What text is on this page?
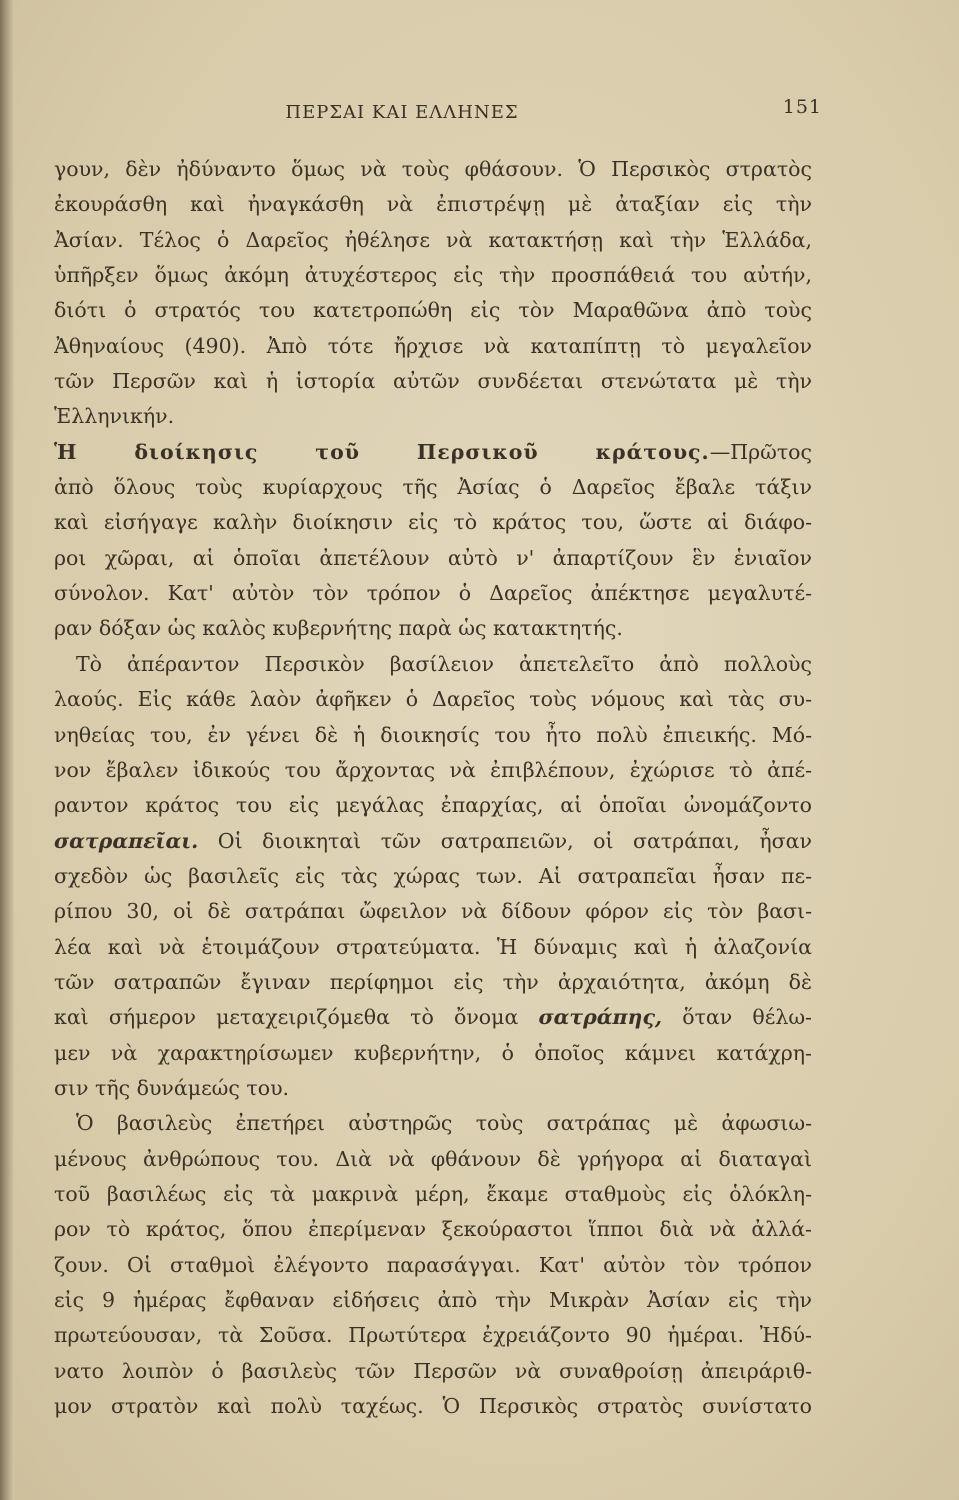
ΠΕΡΣΑΙ ΚΑΙ ΕΛΛΗΝΕΣ	151
γουν, δὲν ἠδύναντο ὅμως νὰ τοὺς φθάσουν. Ὁ Περσικὸς στρατὸς
ἐκουράσθη καὶ ἠναγκάσθη νὰ ἐπιστρέψῃ μὲ ἀταξίαν εἰς τὴν
Ἀσίαν. Τέλος ὁ Δαρεῖος ἠθέλησε νὰ κατακτήσῃ καὶ τὴν Ἑλλάδα,
ὑπῆρξεν ὅμως ἀκόμη ἀτυχέστερος εἰς τὴν προσπάθειά του αὐτήν,
διότι ὁ στρατός του κατετροπώθη εἰς τὸν Μαραθῶνα ἀπὸ τοὺς
Ἀθηναίους (490). Ἀπὸ τότε ἤρχισε νὰ καταπίπτῃ τὸ μεγαλεῖον
τῶν Περσῶν καὶ ἡ ἱστορία αὐτῶν συνδέεται στενώτατα μὲ τὴν
Ἑλληνικήν.
Ἡ διοίκησις τοῦ Περσικοῦ κράτους.—Πρῶτος
ἀπὸ ὅλους τοὺς κυρίαρχους τῆς Ἀσίας ὁ Δαρεῖος ἔβαλε τάξιν
καὶ εἰσήγαγε καλὴν διοίκησιν εἰς τὸ κράτος του, ὥστε αἱ διάφο-
ροι χῶραι, αἱ ὁποῖαι ἀπετέλουν αὐτὸ ν' ἀπαρτίζουν ἓν ἑνιαῖον
σύνολον. Κατ' αὐτὸν τὸν τρόπον ὁ Δαρεῖος ἀπέκτησε μεγαλυτέ-
ραν δόξαν ὡς καλὸς κυβερνήτης παρὰ ὡς κατακτητής.
Τὸ ἀπέραντον Περσικὸν βασίλειον ἀπετελεῖτο ἀπὸ πολλοὺς
λαούς. Εἰς κάθε λαὸν ἀφῆκεν ὁ Δαρεῖος τοὺς νόμους καὶ τὰς συ-
νηθείας του, ἐν γένει δὲ ἡ διοικησίς του ἦτο πολὺ ἐπιεικής. Μό-
νον ἔβαλεν ἰδικούς του ἄρχοντας νὰ ἐπιβλέπουν, ἐχώρισε τὸ ἀπέ-
ραντον κράτος του εἰς μεγάλας ἐπαρχίας, αἱ ὁποῖαι ὠνομάζοντο
σατραπεῖαι. Οἱ διοικηταὶ τῶν σατραπειῶν, οἱ σατράπαι, ἦσαν
σχεδὸν ὡς βασιλεῖς εἰς τὰς χώρας των. Αἱ σατραπεῖαι ἦσαν πε-
ρίπου 30, οἱ δὲ σατράπαι ὤφειλον νὰ δίδουν φόρον εἰς τὸν βασι-
λέα καὶ νὰ ἑτοιμάζουν στρατεύματα. Ἡ δύναμις καὶ ἡ ἀλαζονία
τῶν σατραπῶν ἔγιναν περίφημοι εἰς τὴν ἀρχαιότητα, ἀκόμη δὲ
καὶ σήμερον μεταχειριζόμεθα τὸ ὄνομα σατράπης, ὅταν θέλω-
μεν νὰ χαρακτηρίσωμεν κυβερνήτην, ὁ ὁποῖος κάμνει κατάχρη-
σιν τῆς δυνάμεώς του.
Ὁ βασιλεὺς ἐπετήρει αὐστηρῶς τοὺς σατράπας μὲ ἀφωσιω-
μένους ἀνθρώπους του. Διὰ νὰ φθάνουν δὲ γρήγορα αἱ διαταγαὶ
τοῦ βασιλέως εἰς τὰ μακρινὰ μέρη, ἔκαμε σταθμοὺς εἰς ὁλόκλη-
ρον τὸ κράτος, ὅπου ἐπερίμεναν ξεκούραστοι ἵπποι διὰ νὰ ἀλλά-
ζουν. Οἱ σταθμοὶ ἐλέγοντο παρασάγγαι. Κατ' αὐτὸν τὸν τρόπον
εἰς 9 ἡμέρας ἔφθαναν εἰδήσεις ἀπὸ τὴν Μικρὰν Ἀσίαν εἰς τὴν
πρωτεύουσαν, τὰ Σοῦσα. Πρωτύτερα ἐχρειάζοντο 90 ἡμέραι. Ἠδύ-
νατο λοιπὸν ὁ βασιλεὺς τῶν Περσῶν νὰ συναθροίσῃ ἀπειράριθ-
μον στρατὸν καὶ πολὺ ταχέως. Ὁ Περσικὸς στρατὸς συνίστατο
